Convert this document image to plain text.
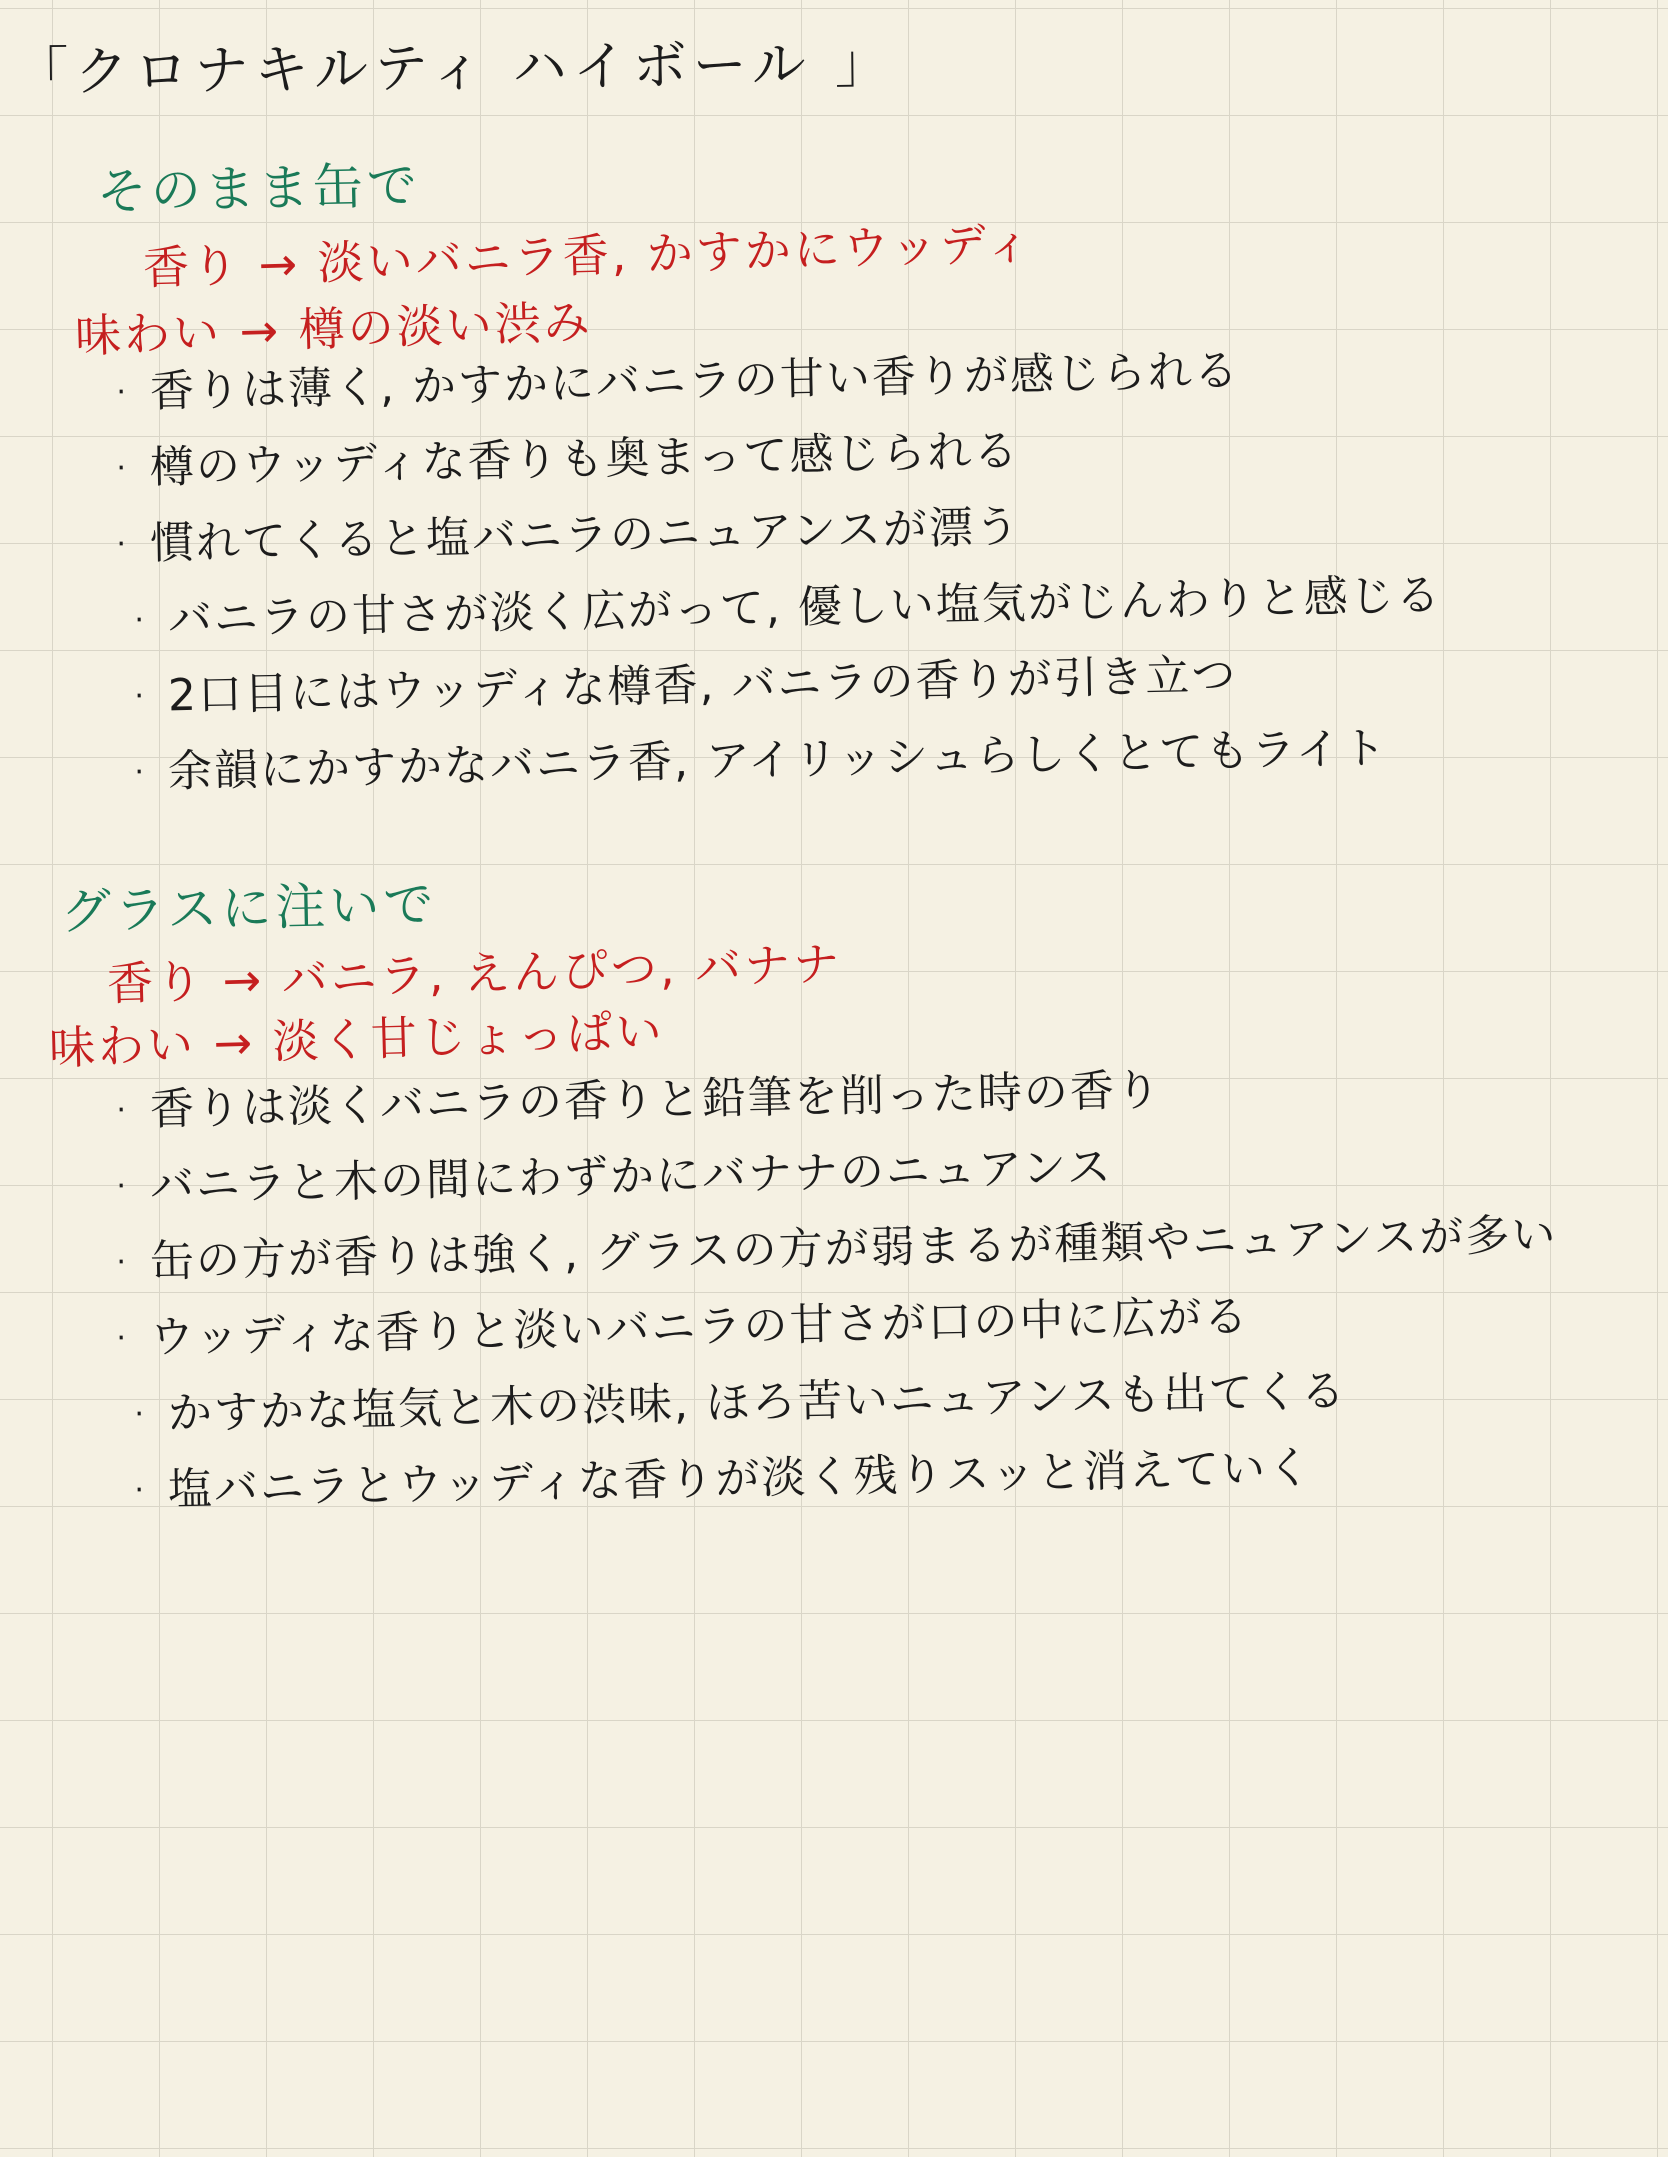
「クロナキルティ ハイボール 」
そのまま缶で
香り → 淡いバニラ香, かすかにウッディ
味わい → 樽の淡い渋み
· 香りは薄く, かすかにバニラの甘い香りが感じられる
· 樽のウッディな香りも奥まって感じられる
· 慣れてくると塩バニラのニュアンスが漂う
· バニラの甘さが淡く広がって, 優しい塩気がじんわりと感じる
· 2口目にはウッディな樽香, バニラの香りが引き立つ
· 余韻にかすかなバニラ香, アイリッシュらしくとてもライト
グラスに注いで
香り → バニラ, えんぴつ, バナナ
味わい → 淡く甘じょっぱい
· 香りは淡くバニラの香りと鉛筆を削った時の香り
· バニラと木の間にわずかにバナナのニュアンス
· 缶の方が香りは強く, グラスの方が弱まるが種類やニュアンスが多い
· ウッディな香りと淡いバニラの甘さが口の中に広がる
· かすかな塩気と木の渋味, ほろ苦いニュアンスも出てくる
· 塩バニラとウッディな香りが淡く残りスッと消えていく
